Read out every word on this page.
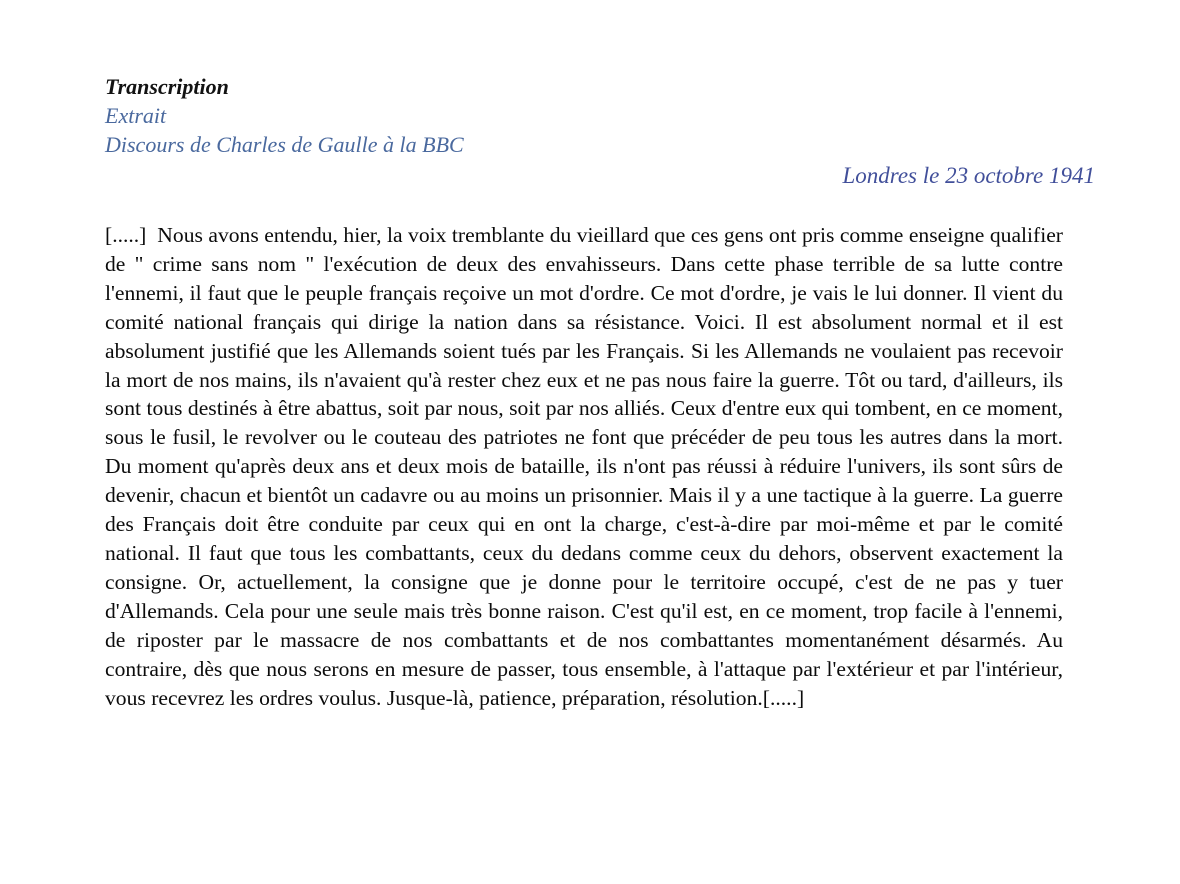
Transcription
Extrait
Discours de Charles de Gaulle à la BBC
Londres le 23 octobre 1941

[.....]  Nous avons entendu, hier, la voix tremblante du vieillard que ces gens ont pris comme enseigne qualifier de " crime sans nom " l'exécution de deux des envahisseurs. Dans cette phase terrible de sa lutte contre l'ennemi, il faut que le peuple français reçoive un mot d'ordre. Ce mot d'ordre, je vais le lui donner. Il vient du comité national français qui dirige la nation dans sa résistance. Voici. Il est absolument normal et il est absolument justifié que les Allemands soient tués par les Français. Si les Allemands ne voulaient pas recevoir la mort de nos mains, ils n'avaient qu'à rester chez eux et ne pas nous faire la guerre. Tôt ou tard, d'ailleurs, ils sont tous destinés à être abattus, soit par nous, soit par nos alliés. Ceux d'entre eux qui tombent, en ce moment, sous le fusil, le revolver ou le couteau des patriotes ne font que précéder de peu tous les autres dans la mort. Du moment qu'après deux ans et deux mois de bataille, ils n'ont pas réussi à réduire l'univers, ils sont sûrs de devenir, chacun et bientôt un cadavre ou au moins un prisonnier. Mais il y a une tactique à la guerre. La guerre des Français doit être conduite par ceux qui en ont la charge, c'est-à-dire par moi-même et par le comité national. Il faut que tous les combattants, ceux du dedans comme ceux du dehors, observent exactement la consigne. Or, actuellement, la consigne que je donne pour le territoire occupé, c'est de ne pas y tuer d'Allemands. Cela pour une seule mais très bonne raison. C'est qu'il est, en ce moment, trop facile à l'ennemi, de riposter par le massacre de nos combattants et de nos combattantes momentanément désarmés. Au contraire, dès que nous serons en mesure de passer, tous ensemble, à l'attaque par l'extérieur et par l'intérieur, vous recevrez les ordres voulus. Jusque-là, patience, préparation, résolution.[.....]
